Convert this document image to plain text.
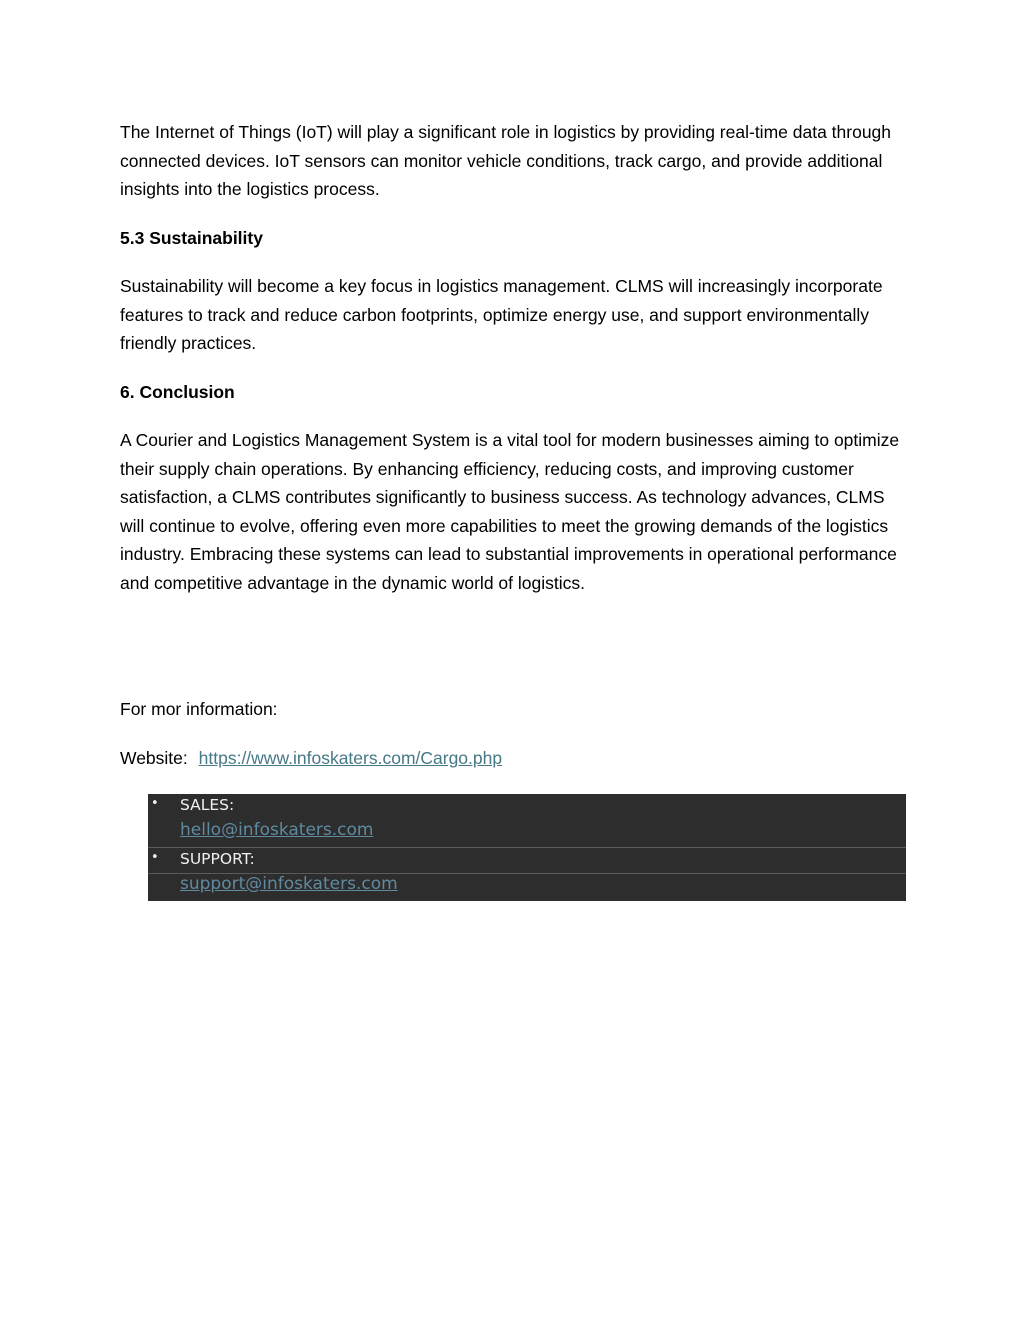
The Internet of Things (IoT) will play a significant role in logistics by providing real-time data through connected devices. IoT sensors can monitor vehicle conditions, track cargo, and provide additional insights into the logistics process.

5.3 Sustainability

Sustainability will become a key focus in logistics management. CLMS will increasingly incorporate features to track and reduce carbon footprints, optimize energy use, and support environmentally friendly practices.

6. Conclusion

A Courier and Logistics Management System is a vital tool for modern businesses aiming to optimize their supply chain operations. By enhancing efficiency, reducing costs, and improving customer satisfaction, a CLMS contributes significantly to business success. As technology advances, CLMS will continue to evolve, offering even more capabilities to meet the growing demands of the logistics industry. Embracing these systems can lead to substantial improvements in operational performance and competitive advantage in the dynamic world of logistics.

For mor information:

Website: https://www.infoskaters.com/Cargo.php

• SALES:
hello@infoskaters.com
• SUPPORT:
support@infoskaters.com
